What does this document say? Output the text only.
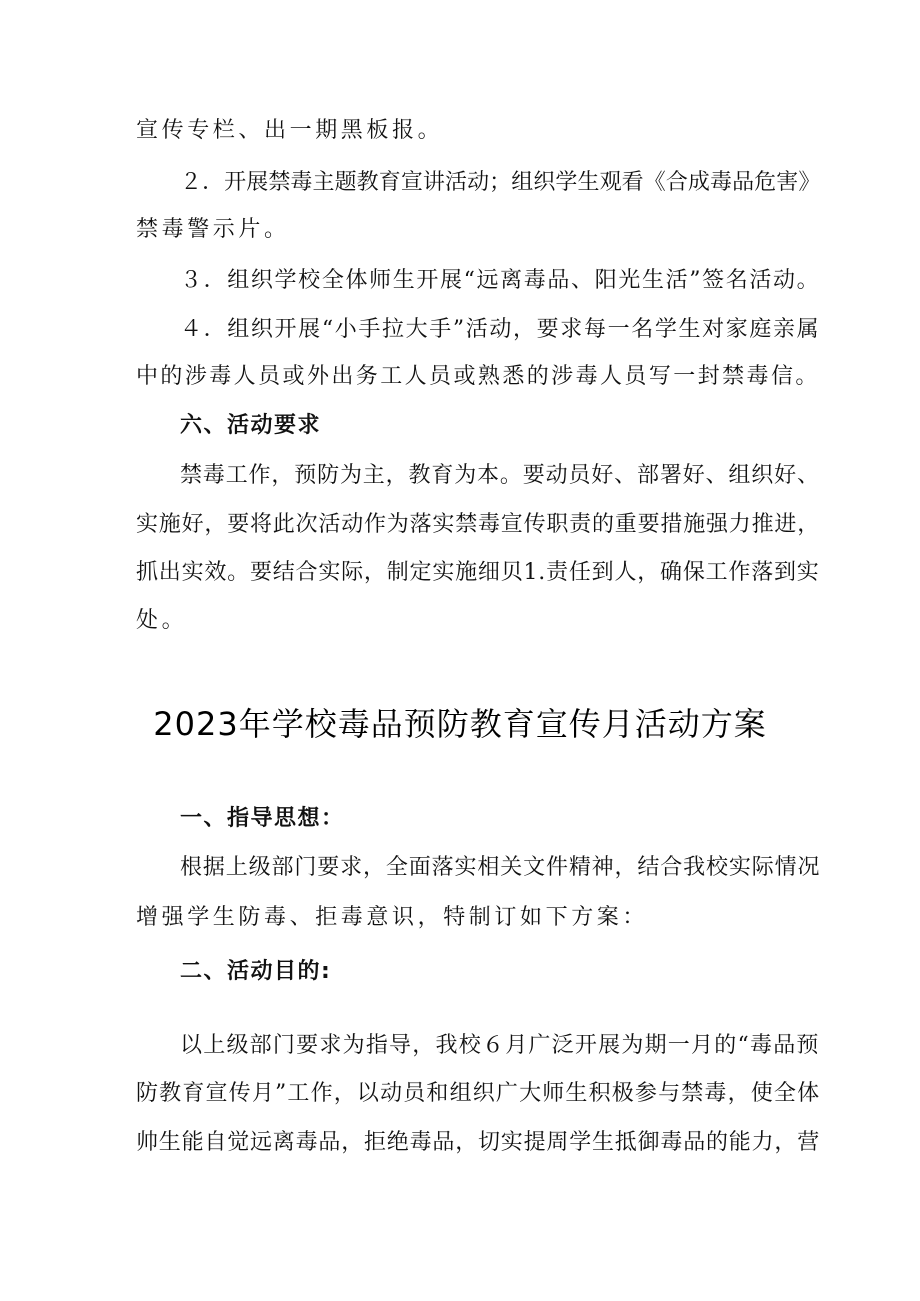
宣传专栏、出一期黑板报。
２．开展禁毒主题教育宣讲活动；组织学生观看《合成毒品危害》
禁毒警示片。
３．组织学校全体师生开展“远离毒品、阳光生活”签名活动。
４．组织开展“小手拉大手”活动，要求每一名学生对家庭亲属
中的涉毒人员或外出务工人员或熟悉的涉毒人员写一封禁毒信。
六、活动要求
禁毒工作，预防为主，教育为本。要动员好、部署好、组织好、
实施好，要将此次活动作为落实禁毒宣传职责的重要措施强力推进，
抓出实效。要结合实际，制定实施细贝1.责任到人，确保工作落到实
处。
2023年学校毒品预防教育宣传月活动方案
一、指导思想：
根据上级部门要求，全面落实相关文件精神，结合我校实际情况
增强学生防毒、拒毒意识，特制订如下方案：
二、活动目的:
以上级部门要求为指导，我校６月广泛开展为期一月的“毒品预
防教育宣传月”工作，以动员和组织广大师生积极参与禁毒，使全体
帅生能自觉远离毒品，拒绝毒品，切实提周学生抵御毒品的能力，营
